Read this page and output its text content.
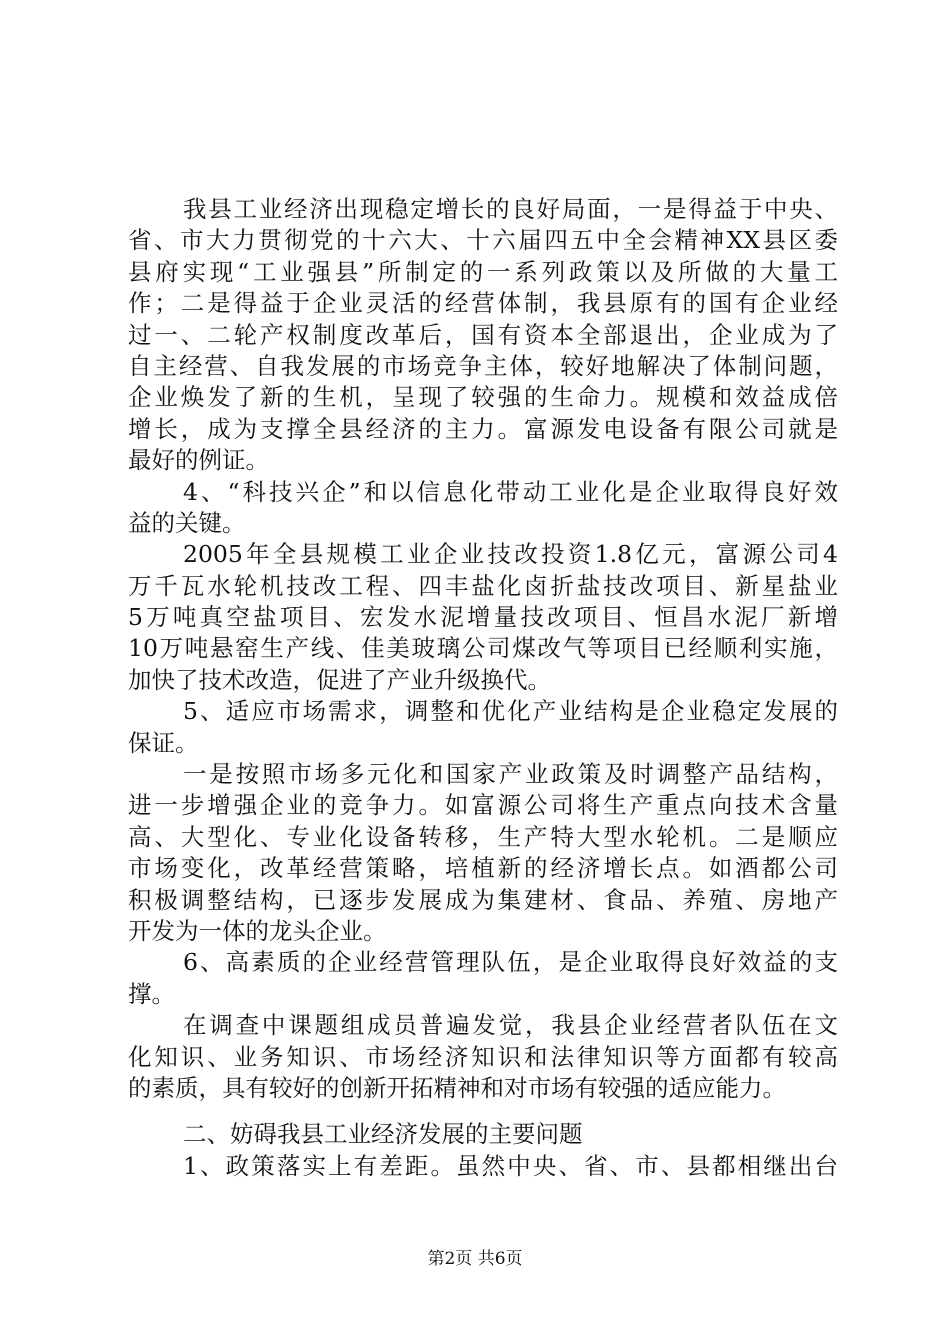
我县工业经济出现稳定增长的良好局面，一是得益于中央、
省、市大力贯彻党的十六大、十六届四五中全会精神XX县区委
县府实现“工业强县”所制定的一系列政策以及所做的大量工
作；二是得益于企业灵活的经营体制，我县原有的国有企业经
过一、二轮产权制度改革后，国有资本全部退出，企业成为了
自主经营、自我发展的市场竞争主体，较好地解决了体制问题，
企业焕发了新的生机，呈现了较强的生命力。规模和效益成倍
增长，成为支撑全县经济的主力。富源发电设备有限公司就是
最好的例证。
4、“科技兴企”和以信息化带动工业化是企业取得良好效
益的关键。
2005年全县规模工业企业技改投资1.8亿元，富源公司4
万千瓦水轮机技改工程、四丰盐化卤折盐技改项目、新星盐业
5万吨真空盐项目、宏发水泥增量技改项目、恒昌水泥厂新增
10万吨悬窑生产线、佳美玻璃公司煤改气等项目已经顺利实施，
加快了技术改造，促进了产业升级换代。
5、适应市场需求，调整和优化产业结构是企业稳定发展的
保证。
一是按照市场多元化和国家产业政策及时调整产品结构，
进一步增强企业的竞争力。如富源公司将生产重点向技术含量
高、大型化、专业化设备转移，生产特大型水轮机。二是顺应
市场变化，改革经营策略，培植新的经济增长点。如酒都公司
积极调整结构，已逐步发展成为集建材、食品、养殖、房地产
开发为一体的龙头企业。
6、高素质的企业经营管理队伍，是企业取得良好效益的支
撑。
在调查中课题组成员普遍发觉，我县企业经营者队伍在文
化知识、业务知识、市场经济知识和法律知识等方面都有较高
的素质，具有较好的创新开拓精神和对市场有较强的适应能力。
二、妨碍我县工业经济发展的主要问题
1、政策落实上有差距。虽然中央、省、市、县都相继出台
第2页 共6页
